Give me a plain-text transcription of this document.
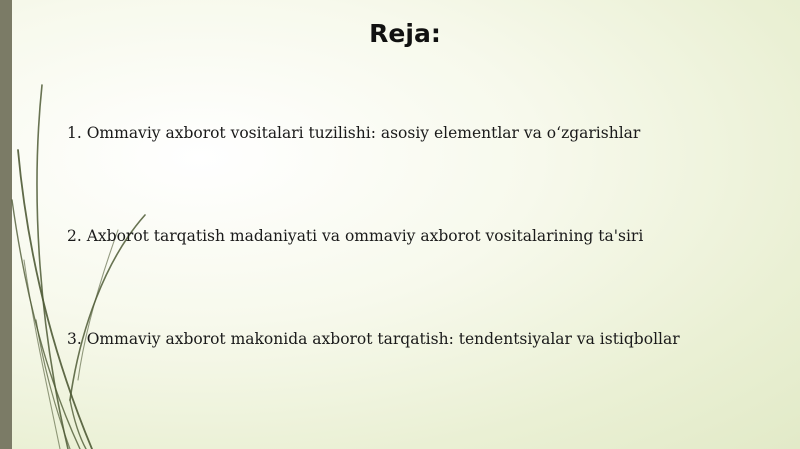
Reja:

1. Ommaviy axborot vositalari tuzilishi: asosiy elementlar va o‘zgarishlar

2. Axborot tarqatish madaniyati va ommaviy axborot vositalarining ta'siri

3. Ommaviy axborot makonida axborot tarqatish: tendentsiyalar va istiqbollar
